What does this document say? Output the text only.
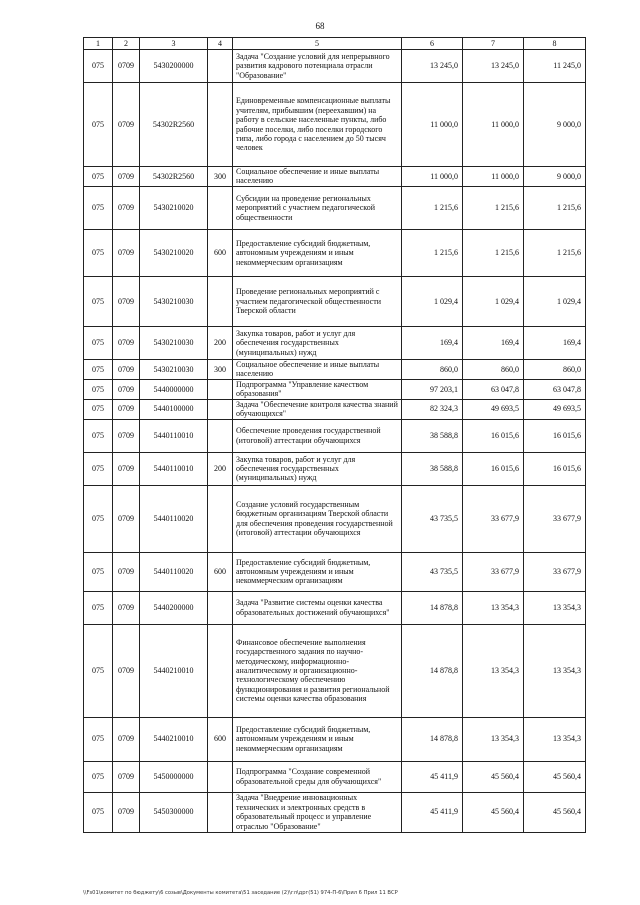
68
1	2	3	4	5	6	7	8
075	0709	5430200000		Задача "Создание условий для непрерывного развития кадрового потенциала отрасли "Образование"	13 245,0	13 245,0	11 245,0
075	0709	54302R2560		Единовременные компенсационные выплаты учителям, прибывшим (переехавшим) на работу в сельские населенные пункты, либо рабочие поселки, либо поселки городского типа, либо города с населением до 50 тысяч человек	11 000,0	11 000,0	9 000,0
075	0709	54302R2560	300	Социальное обеспечение и иные выплаты населению	11 000,0	11 000,0	9 000,0
075	0709	5430210020		Субсидии на проведение региональных мероприятий с участием педагогической общественности	1 215,6	1 215,6	1 215,6
075	0709	5430210020	600	Предоставление субсидий бюджетным, автономным учреждениям и иным некоммерческим организациям	1 215,6	1 215,6	1 215,6
075	0709	5430210030		Проведение региональных мероприятий с участием педагогической общественности Тверской области	1 029,4	1 029,4	1 029,4
075	0709	5430210030	200	Закупка товаров, работ и услуг для обеспечения государственных (муниципальных) нужд	169,4	169,4	169,4
075	0709	5430210030	300	Социальное обеспечение и иные выплаты населению	860,0	860,0	860,0
075	0709	5440000000		Подпрограмма "Управление качеством образования"	97 203,1	63 047,8	63 047,8
075	0709	5440100000		Задача "Обеспечение контроля качества знаний обучающихся"	82 324,3	49 693,5	49 693,5
075	0709	5440110010		Обеспечение проведения государственной (итоговой) аттестации обучающихся	38 588,8	16 015,6	16 015,6
075	0709	5440110010	200	Закупка товаров, работ и услуг для обеспечения государственных (муниципальных) нужд	38 588,8	16 015,6	16 015,6
075	0709	5440110020		Создание условий государственным бюджетным организациям Тверской области для обеспечения проведения государственной (итоговой) аттестации обучающихся	43 735,5	33 677,9	33 677,9
075	0709	5440110020	600	Предоставление субсидий бюджетным, автономным учреждениям и иным некоммерческим организациям	43 735,5	33 677,9	33 677,9
075	0709	5440200000		Задача "Развитие системы оценки качества образовательных достижений обучающихся"	14 878,8	13 354,3	13 354,3
075	0709	5440210010		Финансовое обеспечение выполнения государственного задания по научно-методическому, информационно-аналитическому и организационно-технологическому обеспечению функционирования и развития региональной системы оценки качества образования	14 878,8	13 354,3	13 354,3
075	0709	5440210010	600	Предоставление субсидий бюджетным, автономным учреждениям и иным некоммерческим организациям	14 878,8	13 354,3	13 354,3
075	0709	5450000000		Подпрограмма "Создание современной образовательной среды для обучающихся"	45 411,9	45 560,4	45 560,4
075	0709	5450300000		Задача "Внедрение инновационных технических и электронных средств в образовательный процесс и управление отраслью "Образование"	45 411,9	45 560,4	45 560,4
\\Fs01\комитет по бюджету\6 созыв\Документы комитета\51 заседание (2)\гл\дрг(51) 974-П-6\Прил 6 Прил 11 ВСР
